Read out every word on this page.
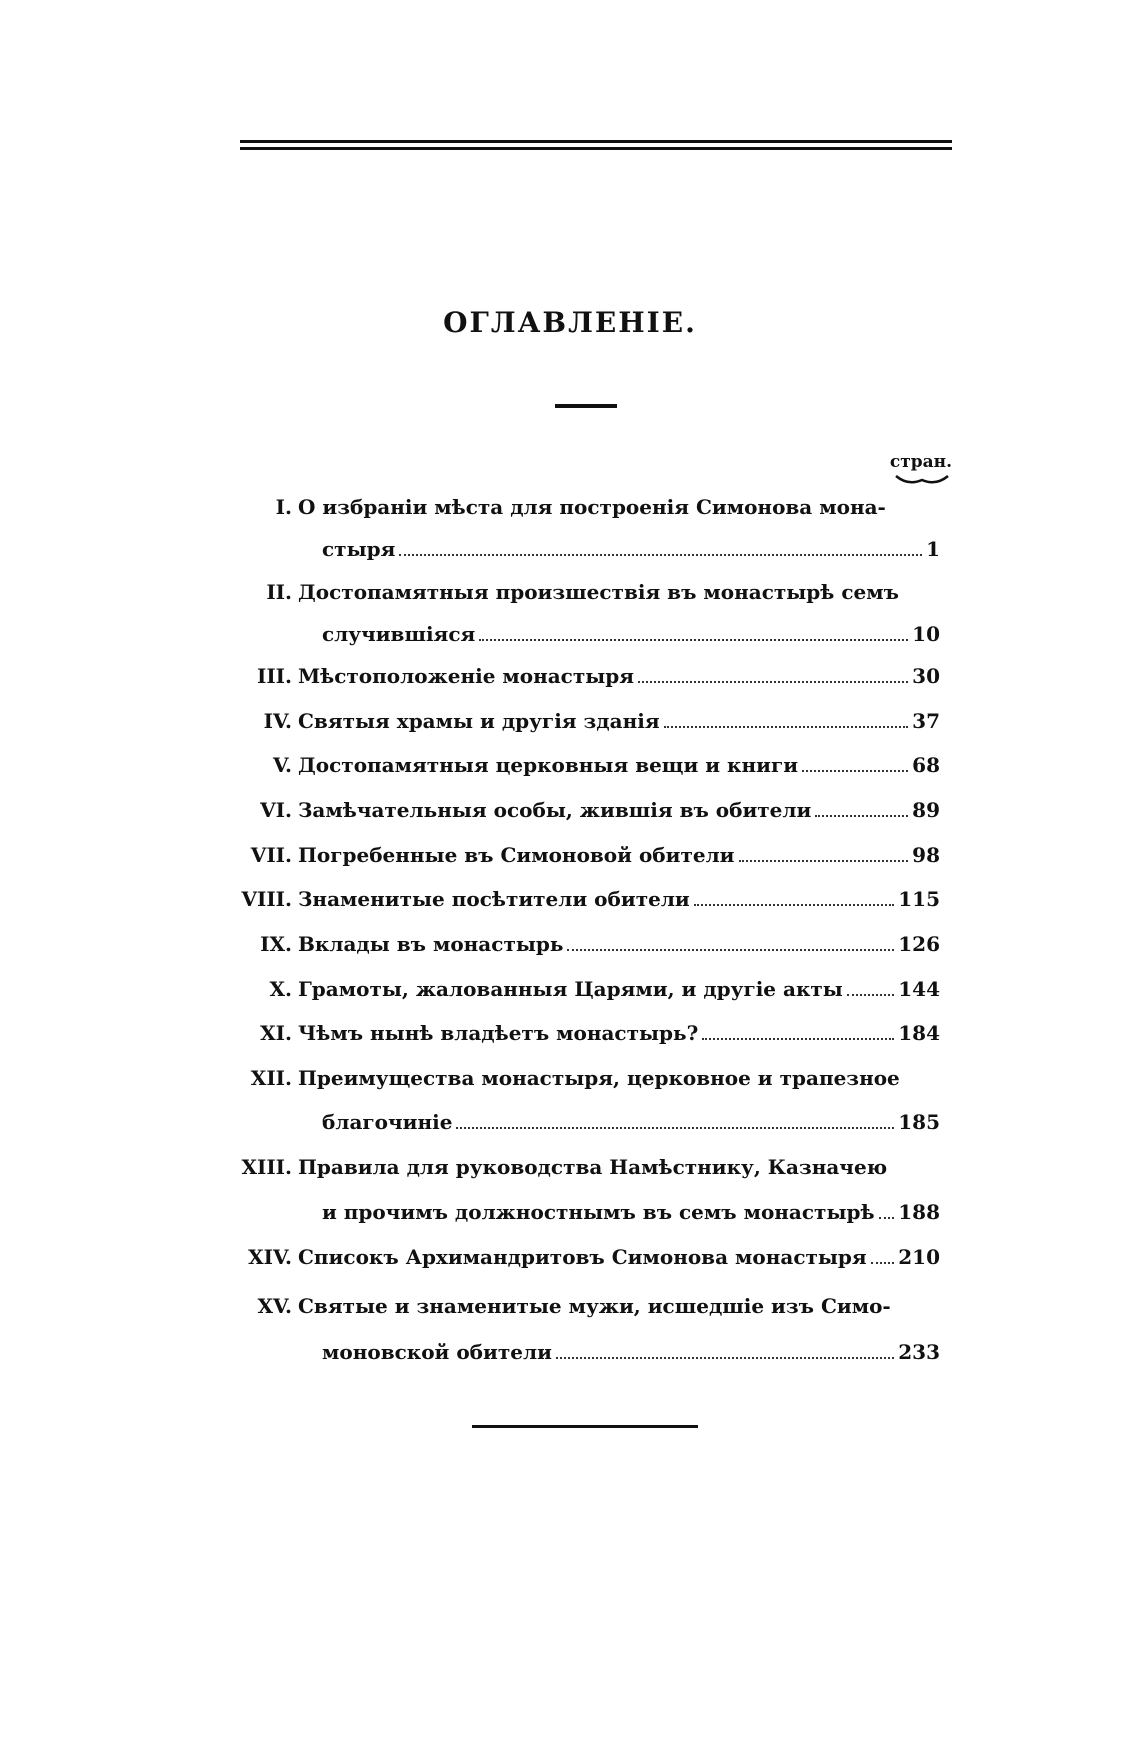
ОГЛАВЛЕНІЕ.
стран.
I. О избраніи мѣста для построенія Симонова мона-
стыря	1
II. Достопамятныя произшествія въ монастырѣ семъ
случившіяся	10
III. Мѣстоположеніе монастыря	30
IV. Святыя храмы и другія зданія	37
V. Достопамятныя церковныя вещи и книги	68
VI. Замѣчательныя особы, жившія въ обители	89
VII. Погребенные въ Симоновой обители	98
VIII. Знаменитые посѣтители обители	115
IX. Вклады въ монастырь	126
X. Грамоты, жалованныя Царями, и другіе акты	144
XI. Чѣмъ нынѣ владѣетъ монастырь?	184
XII. Преимущества монастыря, церковное и трапезное
благочиніе	185
XIII. Правила для руководства Намѣстнику, Казначею
и прочимъ должностнымъ въ семъ монастырѣ 188
XIV. Списокъ Архимандритовъ Симонова монастыря 210
XV. Святые и знаменитые мужи, исшедшіе изъ Симо-
моновской обители	233
